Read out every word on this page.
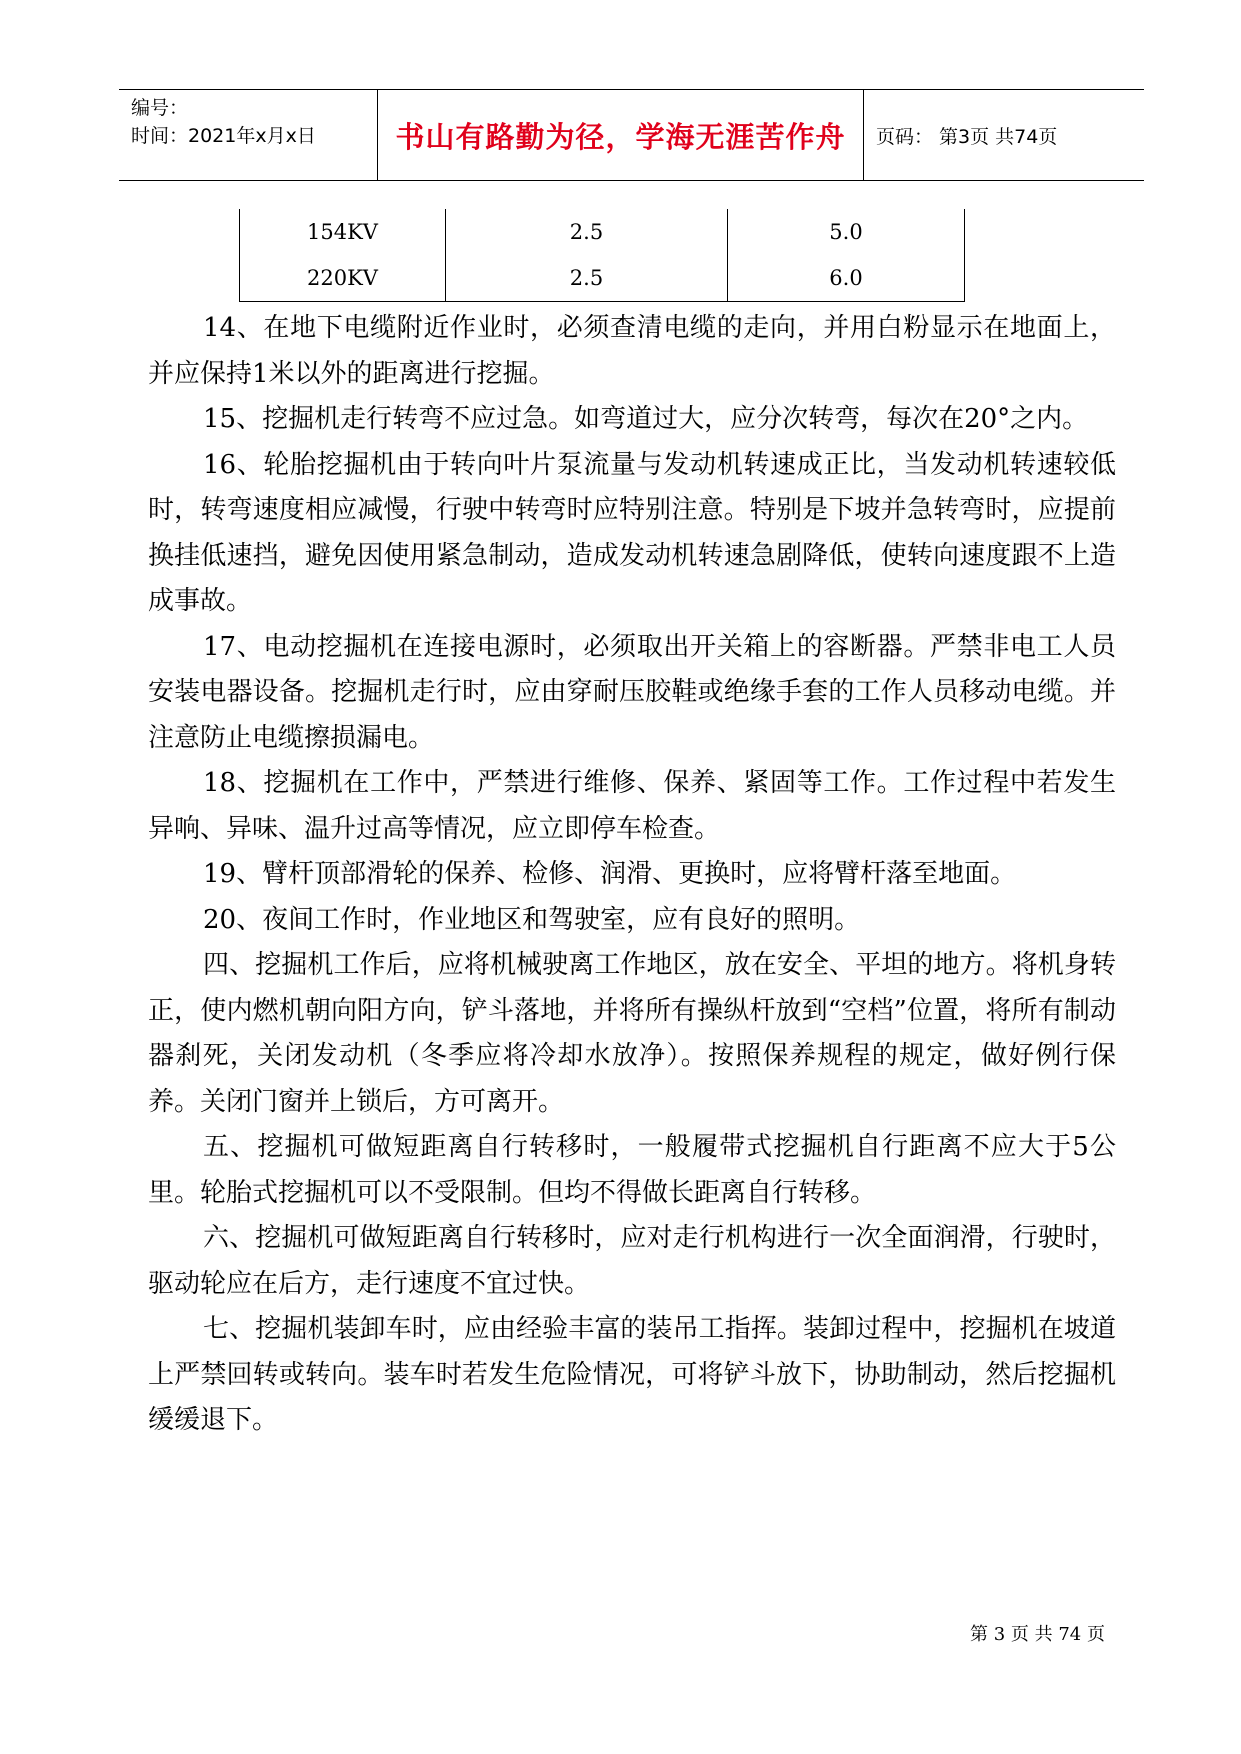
编号：
时间：2021年x月x日	书山有路勤为径，学海无涯苦作舟	页码： 第3页 共74页
154KV	2.5	5.0
220KV	2.5	6.0

14、在地下电缆附近作业时，必须查清电缆的走向，并用白粉显示在地面上，并应保持1米以外的距离进行挖掘。

15、挖掘机走行转弯不应过急。如弯道过大，应分次转弯，每次在20°之内。

16、轮胎挖掘机由于转向叶片泵流量与发动机转速成正比，当发动机转速较低时，转弯速度相应减慢，行驶中转弯时应特别注意。特别是下坡并急转弯时，应提前换挂低速挡，避免因使用紧急制动，造成发动机转速急剧降低，使转向速度跟不上造成事故。

17、电动挖掘机在连接电源时，必须取出开关箱上的容断器。严禁非电工人员安装电器设备。挖掘机走行时，应由穿耐压胶鞋或绝缘手套的工作人员移动电缆。并注意防止电缆擦损漏电。

18、挖掘机在工作中，严禁进行维修、保养、紧固等工作。工作过程中若发生异响、异味、温升过高等情况，应立即停车检查。

19、臂杆顶部滑轮的保养、检修、润滑、更换时，应将臂杆落至地面。

20、夜间工作时，作业地区和驾驶室，应有良好的照明。

四、挖掘机工作后，应将机械驶离工作地区，放在安全、平坦的地方。将机身转正，使内燃机朝向阳方向，铲斗落地，并将所有操纵杆放到“空档”位置，将所有制动器刹死，关闭发动机（冬季应将冷却水放净）。按照保养规程的规定，做好例行保养。关闭门窗并上锁后，方可离开。

五、挖掘机可做短距离自行转移时，一般履带式挖掘机自行距离不应大于5公里。轮胎式挖掘机可以不受限制。但均不得做长距离自行转移。

六、挖掘机可做短距离自行转移时，应对走行机构进行一次全面润滑，行驶时，驱动轮应在后方，走行速度不宜过快。

七、挖掘机装卸车时，应由经验丰富的装吊工指挥。装卸过程中，挖掘机在坡道上严禁回转或转向。装车时若发生危险情况，可将铲斗放下，协助制动，然后挖掘机缓缓退下。

第 3 页 共 74 页
